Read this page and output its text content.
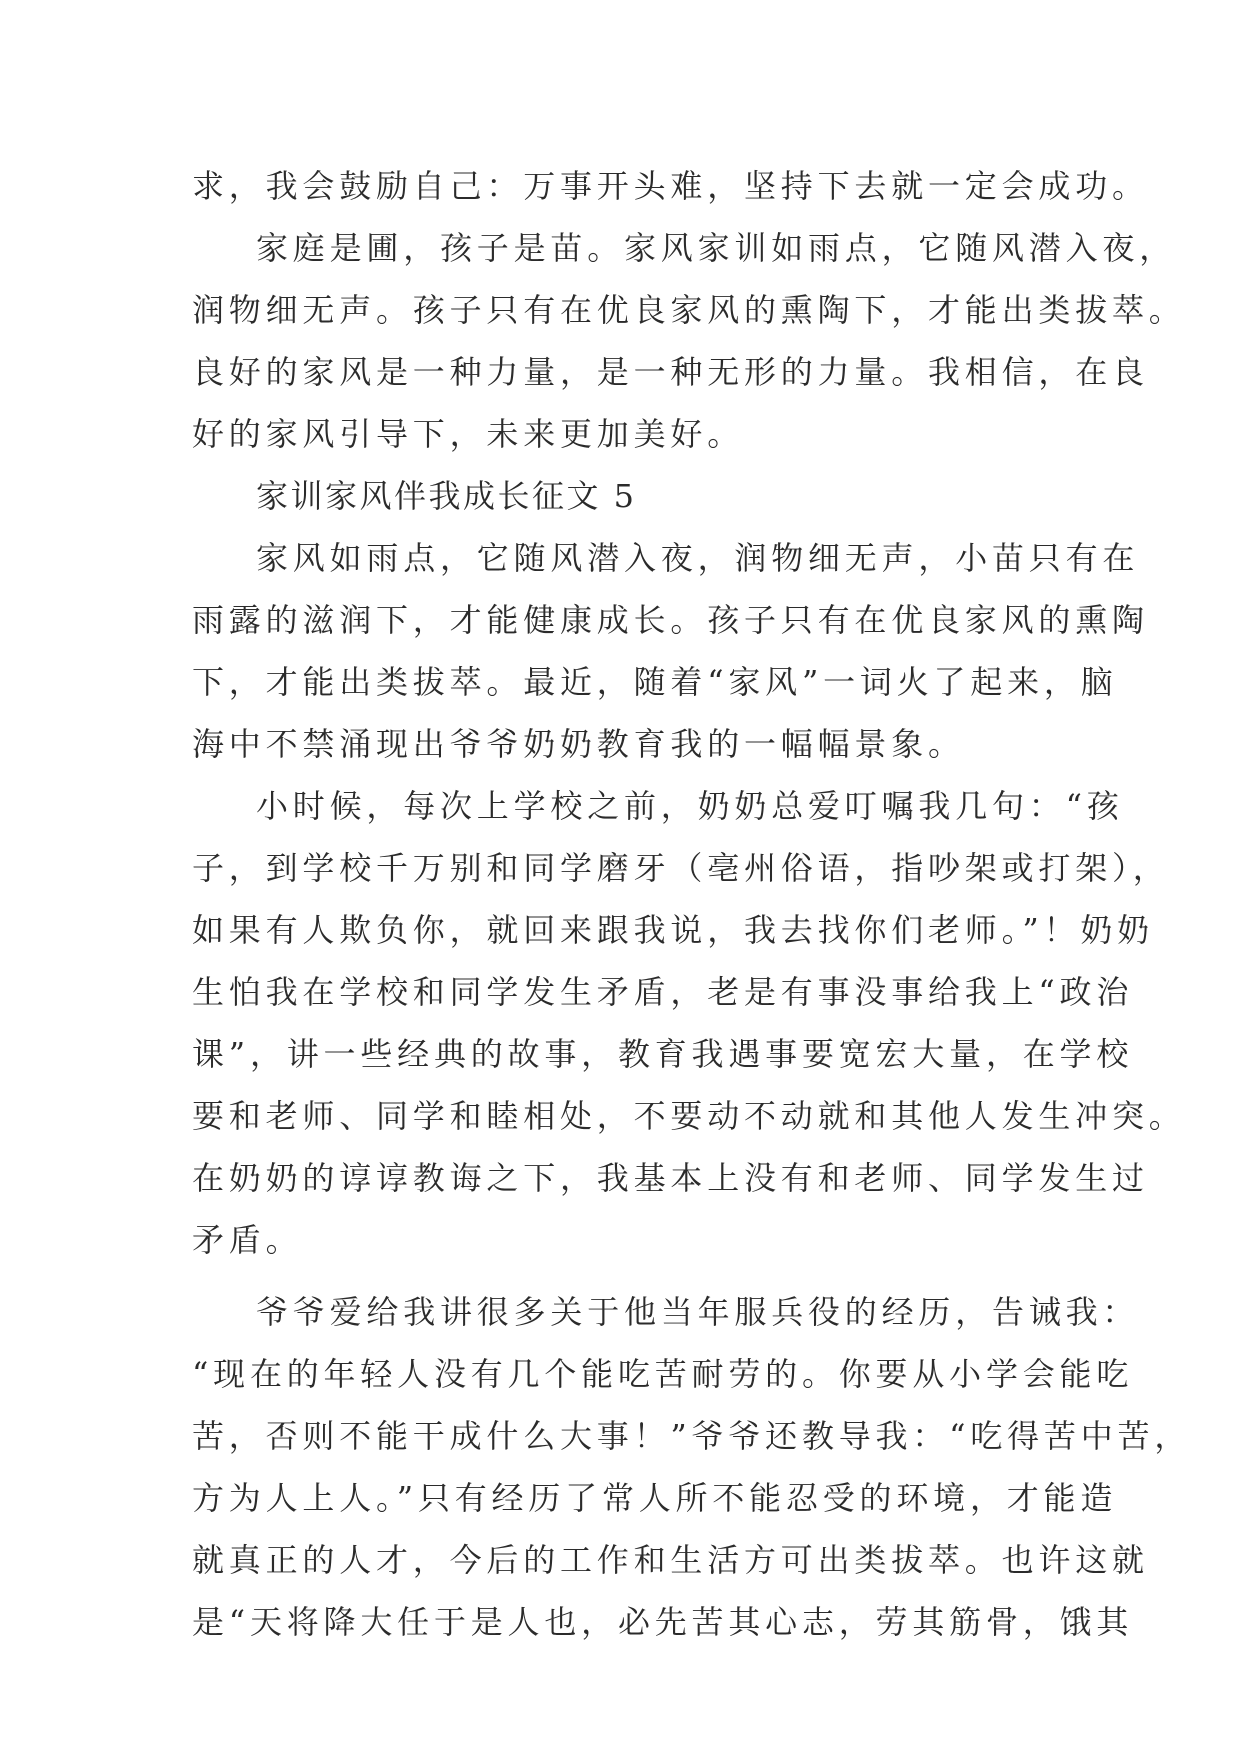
求，我会鼓励自己：万事开头难，坚持下去就一定会成功。
家庭是圃，孩子是苗。家风家训如雨点，它随风潜入夜，
润物细无声。孩子只有在优良家风的熏陶下，才能出类拔萃。
良好的家风是一种力量，是一种无形的力量。我相信，在良
好的家风引导下，未来更加美好。
家训家风伴我成长征文 5
家风如雨点，它随风潜入夜，润物细无声，小苗只有在
雨露的滋润下，才能健康成长。孩子只有在优良家风的熏陶
下，才能出类拔萃。最近，随着“家风”一词火了起来，脑
海中不禁涌现出爷爷奶奶教育我的一幅幅景象。
小时候，每次上学校之前，奶奶总爱叮嘱我几句：“孩
子，到学校千万别和同学磨牙（亳州俗语，指吵架或打架），
如果有人欺负你，就回来跟我说，我去找你们老师。”！奶奶
生怕我在学校和同学发生矛盾，老是有事没事给我上“政治
课”，讲一些经典的故事，教育我遇事要宽宏大量，在学校
要和老师、同学和睦相处，不要动不动就和其他人发生冲突。
在奶奶的谆谆教诲之下，我基本上没有和老师、同学发生过
矛盾。
爷爷爱给我讲很多关于他当年服兵役的经历，告诫我：
“现在的年轻人没有几个能吃苦耐劳的。你要从小学会能吃
苦，否则不能干成什么大事！”爷爷还教导我：“吃得苦中苦，
方为人上人。”只有经历了常人所不能忍受的环境，才能造
就真正的人才，今后的工作和生活方可出类拔萃。也许这就
是“天将降大任于是人也，必先苦其心志，劳其筋骨，饿其
